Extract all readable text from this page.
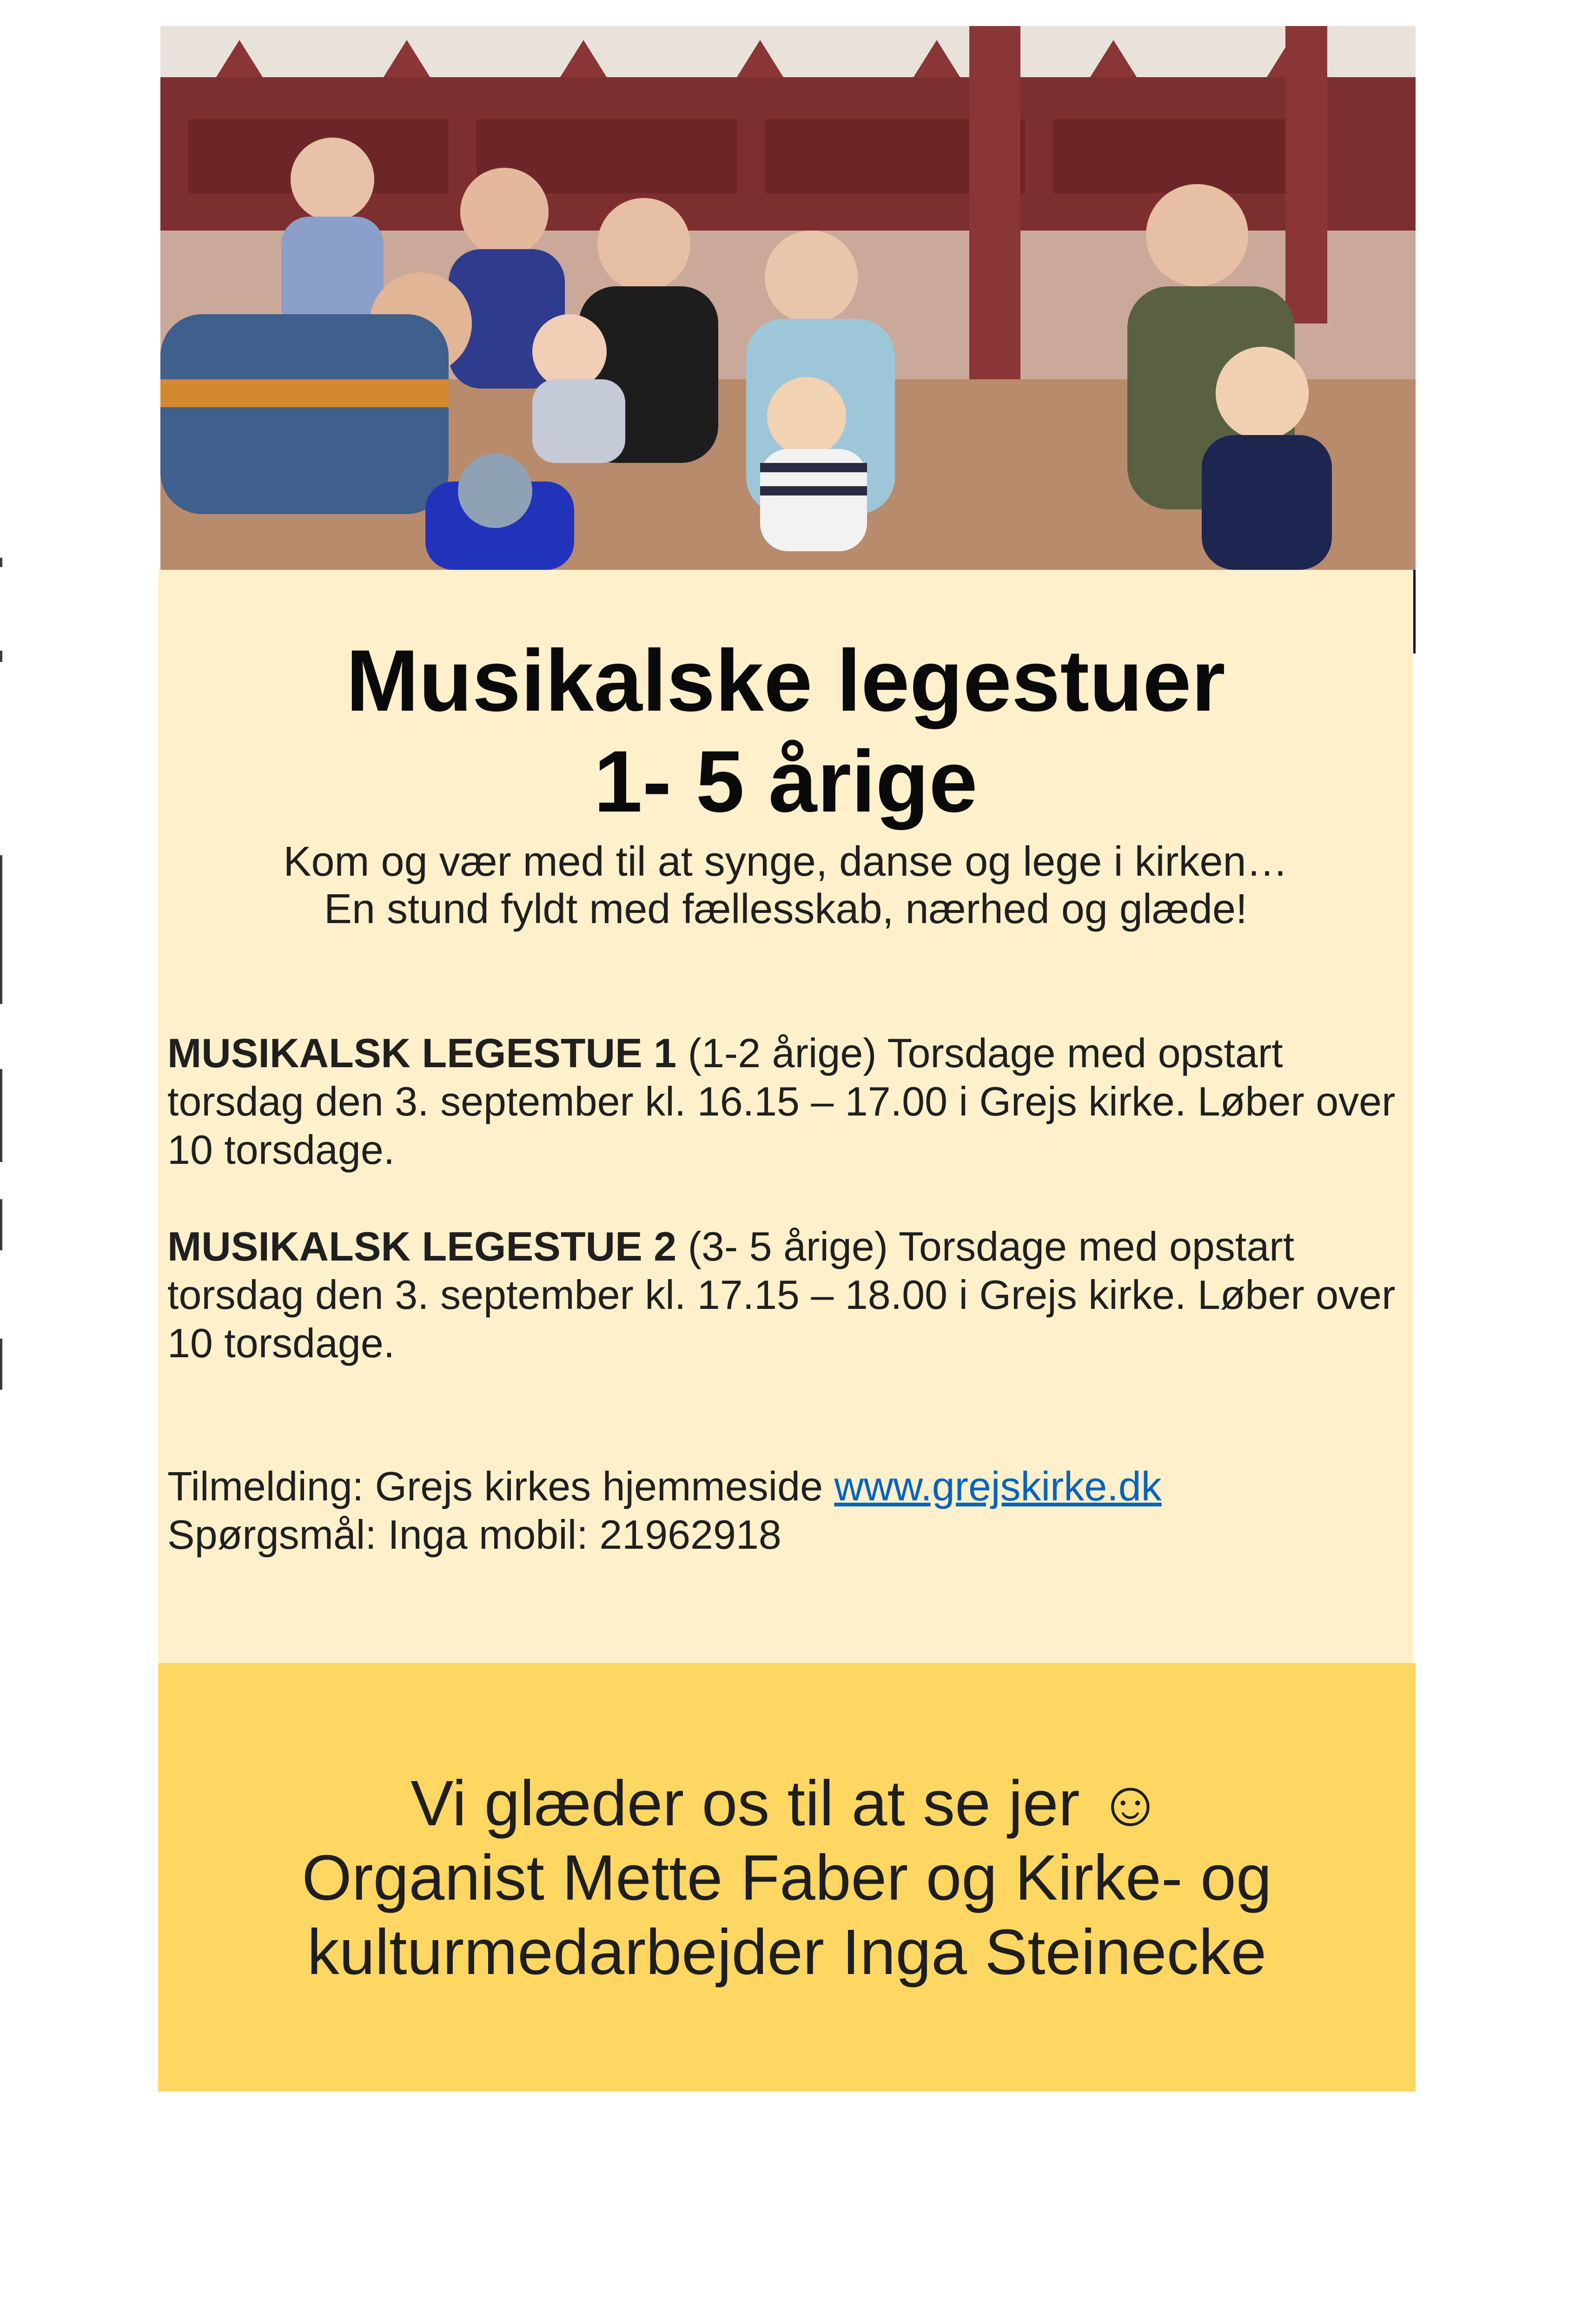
Musikalske legestuer
1- 5 årige

Kom og vær med til at synge, danse og lege i kirken…

En stund fyldt med fællesskab, nærhed og glæde!

MUSIKALSK LEGESTUE 1 (1-2 årige) Torsdage med opstart torsdag den 3. september kl. 16.15 – 17.00 i Grejs kirke. Løber over 10 torsdage.

MUSIKALSK LEGESTUE 2 (3- 5 årige) Torsdage med opstart torsdag den 3. september kl. 17.15 – 18.00 i Grejs kirke. Løber over 10 torsdage.

Tilmelding: Grejs kirkes hjemmeside www.grejskirke.dk

Spørgsmål: Inga mobil: 21962918

Vi glæder os til at se jer ☺

Organist Mette Faber og Kirke- og

kulturmedarbejder Inga Steinecke
